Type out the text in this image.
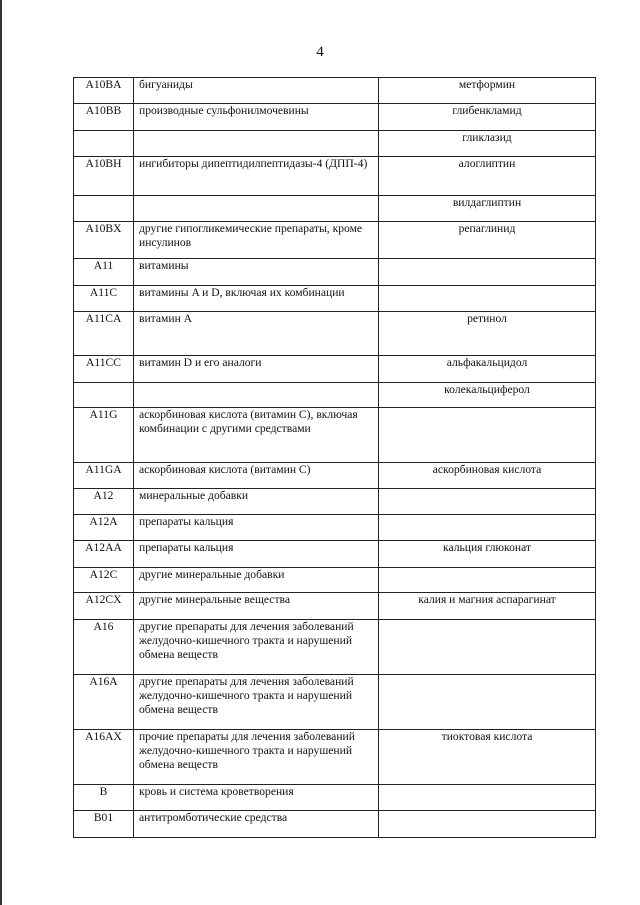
4
A10BA	бигуаниды	метформин
A10BB	производные сульфонилмочевины	глибенкламид
		гликлазид
A10BH	ингибиторы дипептидилпептидазы-4 (ДПП-4)	алоглиптин
		вилдаглиптин
A10BX	другие гипогликемические препараты, кроме инсулинов	репаглинид
A11	витамины	
A11C	витамины A и D, включая их комбинации	
A11CA	витамин A	ретинол
A11CC	витамин D и его аналоги	альфакальцидол
		колекальциферол
A11G	аскорбиновая кислота (витамин С), включая комбинации с другими средствами	
A11GA	аскорбиновая кислота (витамин С)	аскорбиновая кислота
A12	минеральные добавки	
A12A	препараты кальция	
A12AA	препараты кальция	кальция глюконат
A12C	другие минеральные добавки	
A12CX	другие минеральные вещества	калия и магния аспарагинат
A16	другие препараты для лечения заболеваний желудочно-кишечного тракта и нарушений обмена веществ	
A16A	другие препараты для лечения заболеваний желудочно-кишечного тракта и нарушений обмена веществ	
A16AX	прочие препараты для лечения заболеваний желудочно-кишечного тракта и нарушений обмена веществ	тиоктовая кислота
B	кровь и система кроветворения	
B01	антитромботические средства	
